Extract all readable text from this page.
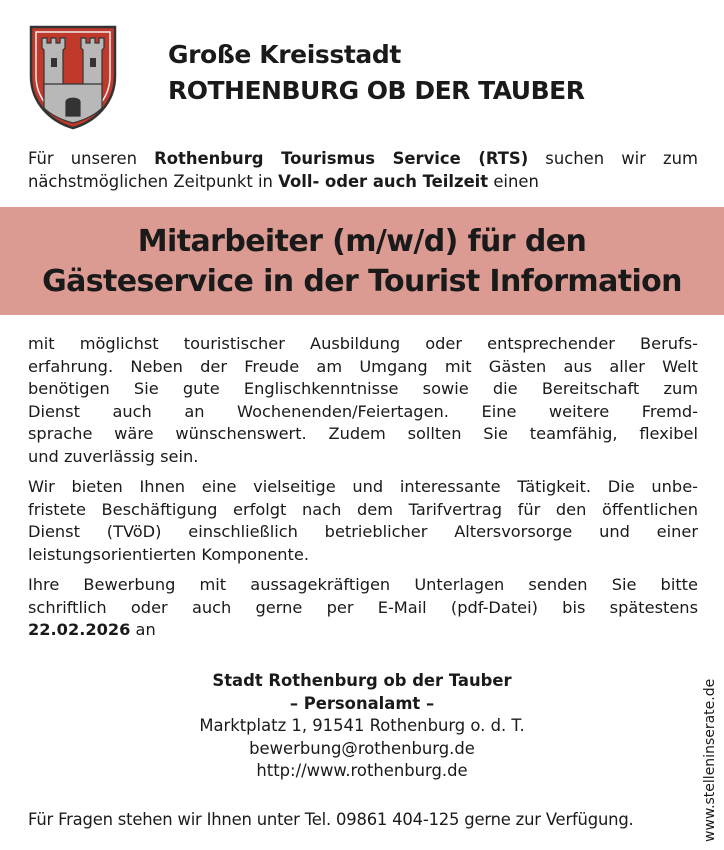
Große Kreisstadt
ROTHENBURG OB DER TAUBER

Für unseren Rothenburg Tourismus Service (RTS) suchen wir zum

nächstmöglichen Zeitpunkt in Voll- oder auch Teilzeit einen

Mitarbeiter (m/w/d) für den
Gästeservice in der Tourist Information

mit möglichst touristischer Ausbildung oder entsprechender Berufs-

erfahrung. Neben der Freude am Umgang mit Gästen aus aller Welt

benötigen Sie gute Englischkenntnisse sowie die Bereitschaft zum

Dienst auch an Wochenenden/Feiertagen. Eine weitere Fremd-

sprache wäre wünschenswert. Zudem sollten Sie teamfähig, flexibel

und zuverlässig sein.

Wir bieten Ihnen eine vielseitige und interessante Tätigkeit. Die unbe-

fristete Beschäftigung erfolgt nach dem Tarifvertrag für den öffentlichen

Dienst (TVöD) einschließlich betrieblicher Altersvorsorge und einer

leistungsorientierten Komponente.

Ihre Bewerbung mit aussagekräftigen Unterlagen senden Sie bitte

schriftlich oder auch gerne per E-Mail (pdf-Datei) bis spätestens

22.02.2026 an

Stadt Rothenburg ob der Tauber
– Personalamt –
Marktplatz 1, 91541 Rothenburg o. d. T.
bewerbung@rothenburg.de
http://www.rothenburg.de
Für Fragen stehen wir Ihnen unter Tel. 09861 404-125 gerne zur Verfügung.	www.stelleninserate.de
